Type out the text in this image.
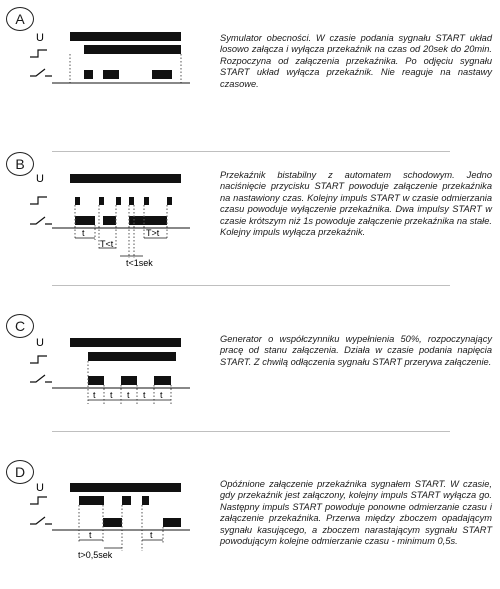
A
U	Symulator obecności. W czasie podania sygnału START układ losowo załącza i wyłącza przekaźnik na czas od 20sek do 20min. Rozpoczyna od załączenia przekaźnika. Po odjęciu sygnału START układ wyłącza przekaźnik. Nie reaguje na nastawy czasowe.
B
U
t	T>t
T<t
t<1sek
Przekaźnik bistabilny z automatem schodowym. Jedno naciśnięcie przycisku START powoduje załączenie przekaźnika na nastawiony czas. Kolejny impuls START w czasie odmierzania czasu powoduje wyłączenie przekaźnika. Dwa impulsy START w czasie krótszym niż 1s powoduje załączenie przekaźnika na stałe. Kolejny impuls wyłącza przekaźnik.
C
U
t t t t t
Generator o współczynniku wypełnienia 50%, rozpoczynający pracę od stanu załączenia. Działa w czasie podania napięcia START. Z chwilą odłączenia sygnału START przerywa załączenie.
D
U
t	t
t>0,5sek
Opóźnione załączenie przekaźnika sygnałem START. W czasie, gdy przekaźnik jest załączony, kolejny impuls START wyłącza go. Następny impuls START powoduje ponowne odmierzanie czasu i załączenie przekaźnika. Przerwa między zboczem opadającym sygnału kasującego, a zboczem narastającym sygnału START powodującym kolejne odmierzanie czasu - minimum 0,5s.
